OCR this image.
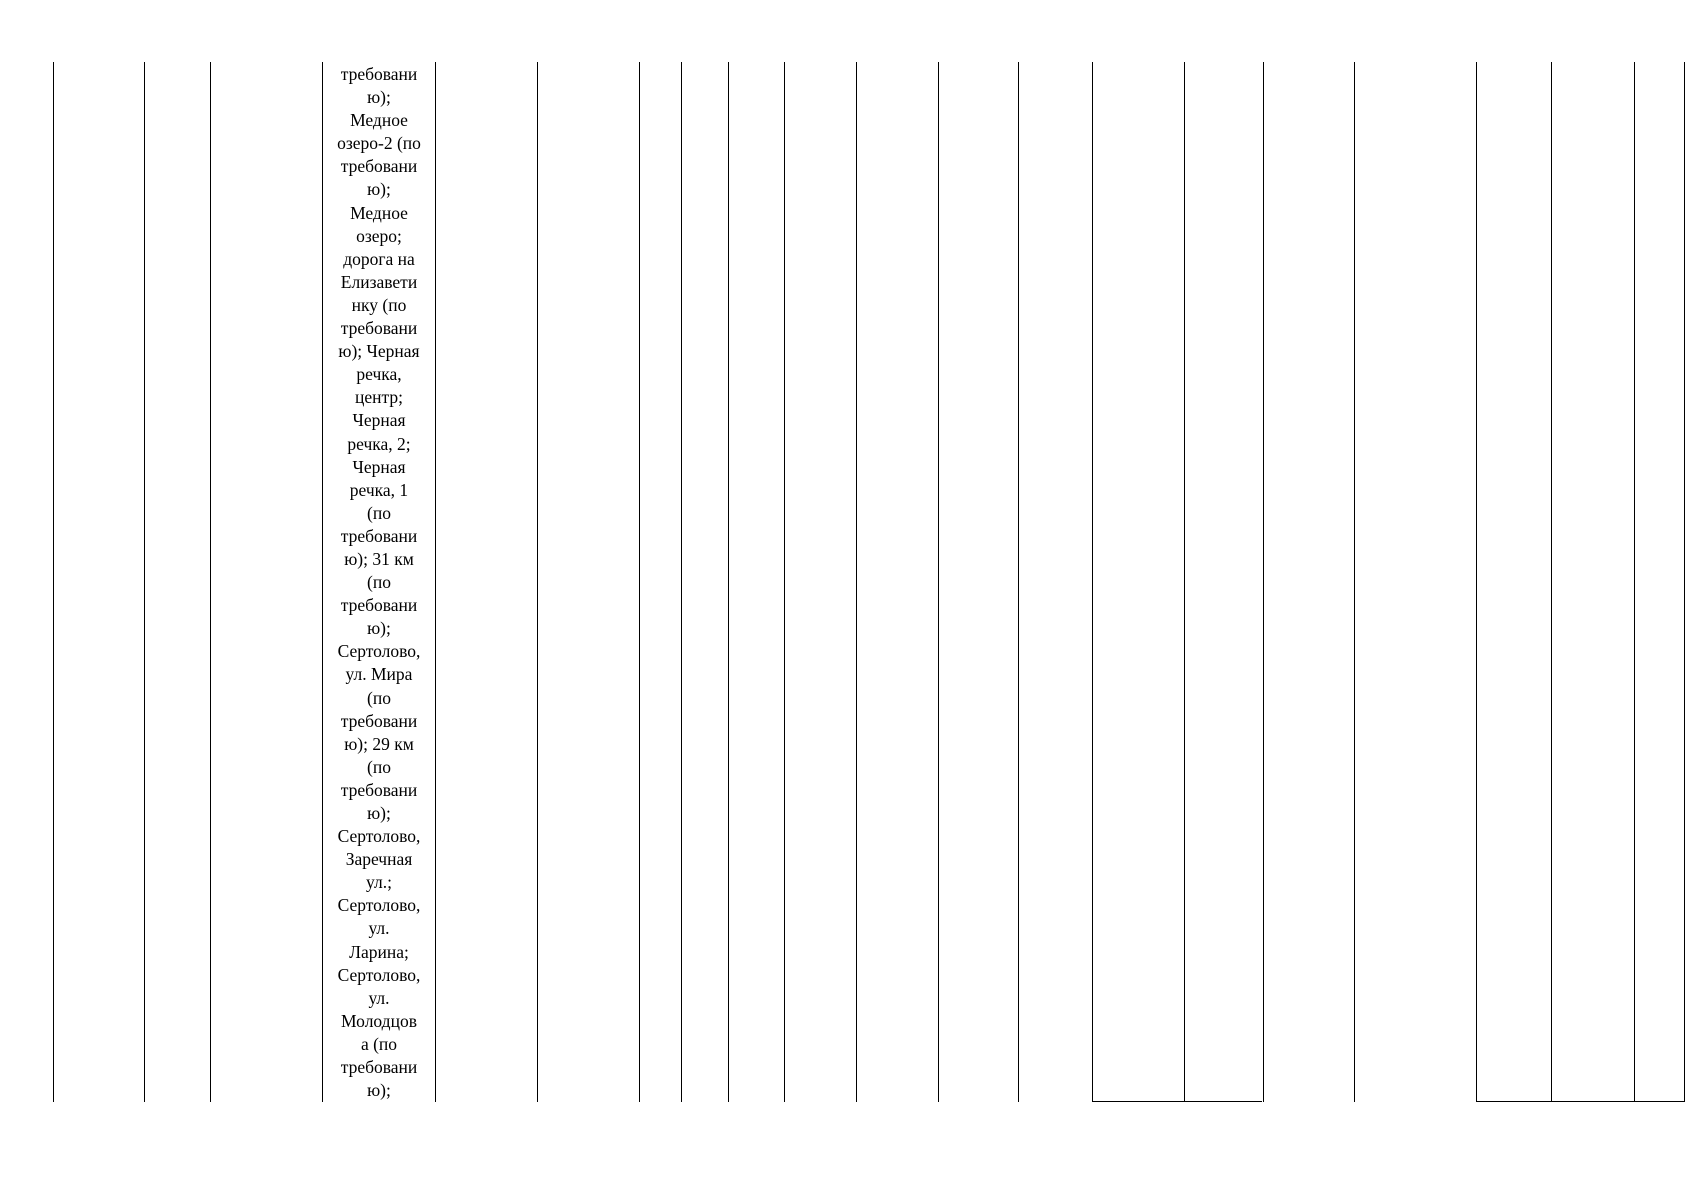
требовани
ю);
Медное
озеро-2 (по
требовани
ю);
Медное
озеро;
дорога на
Елизавети
нку (по
требовани
ю); Черная
речка,
центр;
Черная
речка, 2;
Черная
речка, 1
(по
требовани
ю); 31 км
(по
требовани
ю);
Сертолово,
ул. Мира
(по
требовани
ю); 29 км
(по
требовани
ю);
Сертолово,
Заречная
ул.;
Сертолово,
ул.
Ларина;
Сертолово,
ул.
Молодцов
а (по
требовани
ю);
